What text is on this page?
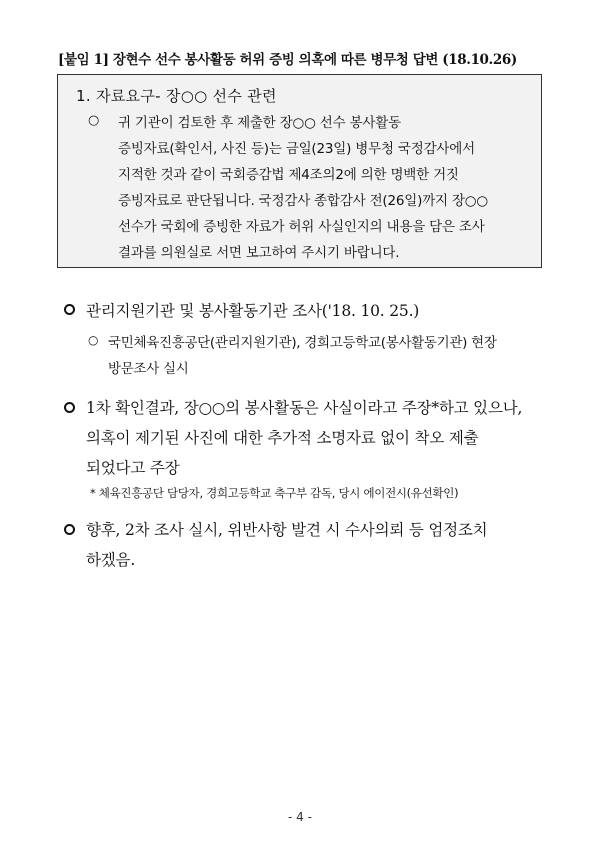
[붙임 1] 장현수 선수 봉사활동 허위 증빙 의혹에 따른 병무청 답변 (18.10.26)
1. 자료요구- 장○○ 선수 관련
○ 귀 기관이 검토한 후 제출한 장○○ 선수 봉사활동
증빙자료(확인서, 사진 등)는 금일(23일) 병무청 국정감사에서
지적한 것과 같이 국회증감법 제4조의2에 의한 명백한 거짓
증빙자료로 판단됩니다. 국정감사 종합감사 전(26일)까지 장○○
선수가 국회에 증빙한 자료가 허위 사실인지의 내용을 담은 조사
결과를 의원실로 서면 보고하여 주시기 바랍니다.
관리지원기관 및 봉사활동기관 조사('18. 10. 25.)
○ 국민체육진흥공단(관리지원기관), 경희고등학교(봉사활동기관) 현장
방문조사 실시
1차 확인결과, 장○○의 봉사활동은 사실이라고 주장*하고 있으나,
의혹이 제기된 사진에 대한 추가적 소명자료 없이 착오 제출
되었다고 주장
* 체육진흥공단 담당자, 경희고등학교 축구부 감독, 당시 에이전시(유선확인)
향후, 2차 조사 실시, 위반사항 발견 시 수사의뢰 등 엄정조치
하겠음.
- 4 -
